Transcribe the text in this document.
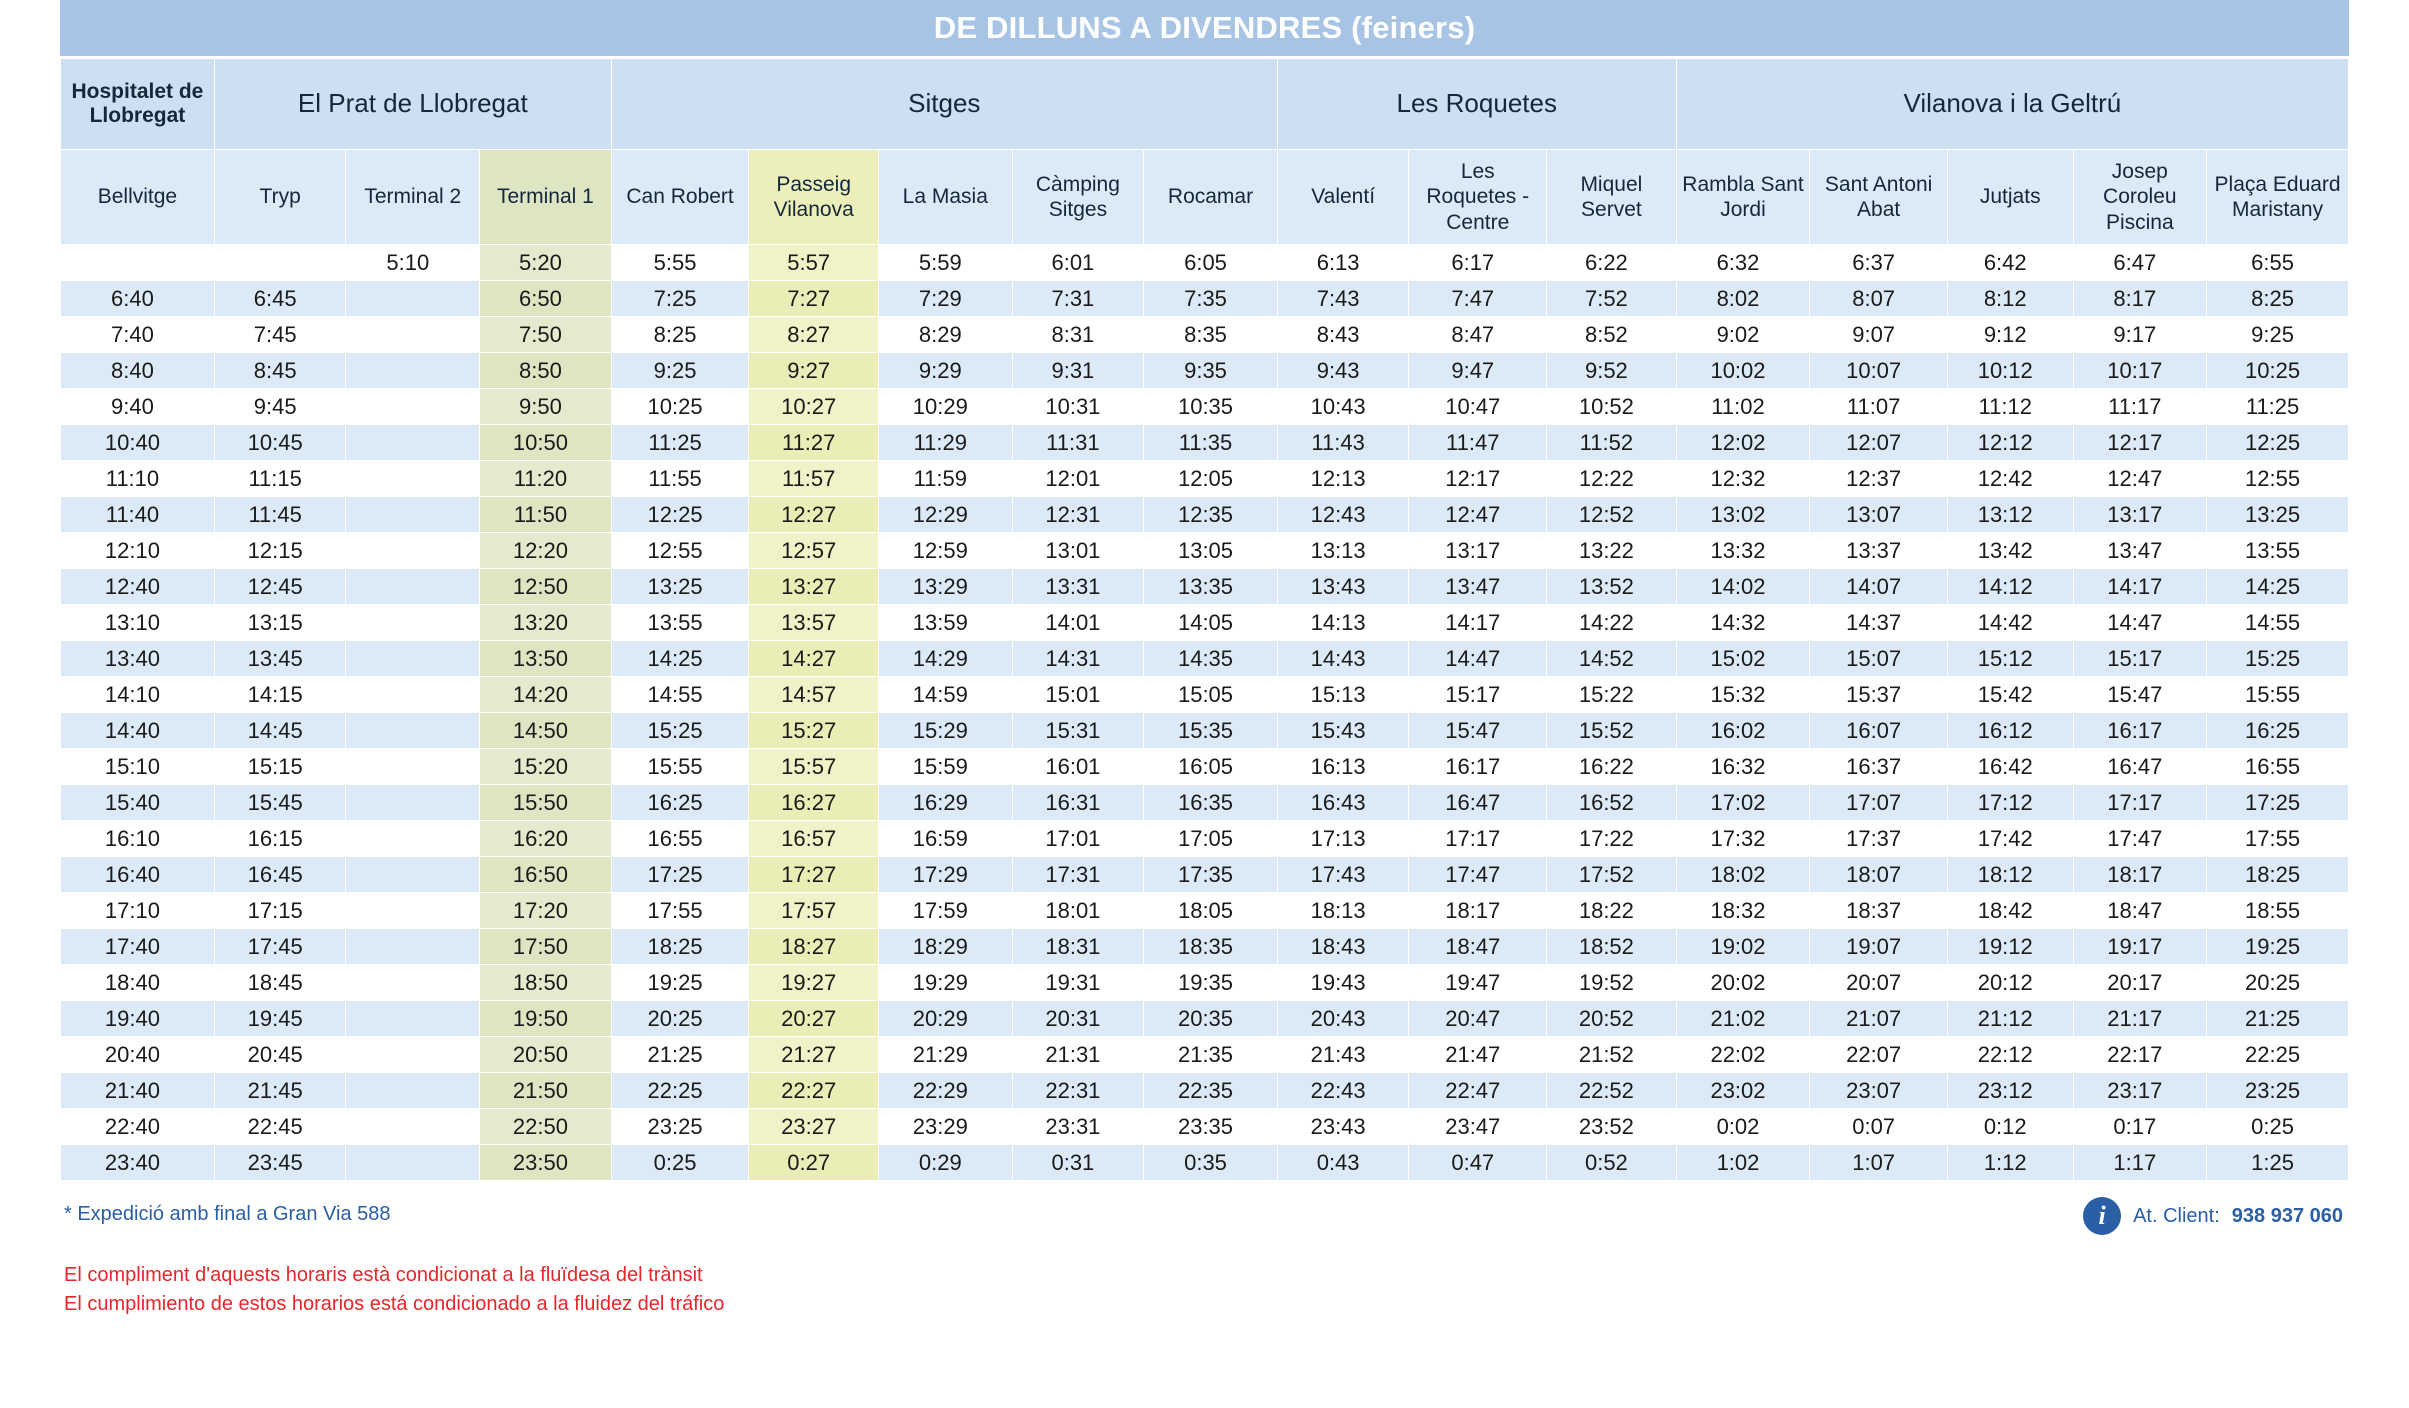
DE DILLUNS A DIVENDRES (feiners)
Hospitalet de Llobregat	El Prat de Llobregat			Sitges					Les Roquetes			Vilanova i la Geltrú				
Bellvitge	Tryp	Terminal 2	Terminal 1	Can Robert	Passeig Vilanova	La Masia	Càmping Sitges	Rocamar	Valentí	Les Roquetes - Centre	Miquel Servet	Rambla Sant Jordi	Sant Antoni Abat	Jutjats	Josep Coroleu Piscina	Plaça Eduard Maristany
		5:10	5:20	5:55	5:57	5:59	6:01	6:05	6:13	6:17	6:22	6:32	6:37	6:42	6:47	6:55
6:40	6:45		6:50	7:25	7:27	7:29	7:31	7:35	7:43	7:47	7:52	8:02	8:07	8:12	8:17	8:25
7:40	7:45		7:50	8:25	8:27	8:29	8:31	8:35	8:43	8:47	8:52	9:02	9:07	9:12	9:17	9:25
8:40	8:45		8:50	9:25	9:27	9:29	9:31	9:35	9:43	9:47	9:52	10:02	10:07	10:12	10:17	10:25
9:40	9:45		9:50	10:25	10:27	10:29	10:31	10:35	10:43	10:47	10:52	11:02	11:07	11:12	11:17	11:25
10:40	10:45		10:50	11:25	11:27	11:29	11:31	11:35	11:43	11:47	11:52	12:02	12:07	12:12	12:17	12:25
11:10	11:15		11:20	11:55	11:57	11:59	12:01	12:05	12:13	12:17	12:22	12:32	12:37	12:42	12:47	12:55
11:40	11:45		11:50	12:25	12:27	12:29	12:31	12:35	12:43	12:47	12:52	13:02	13:07	13:12	13:17	13:25
12:10	12:15		12:20	12:55	12:57	12:59	13:01	13:05	13:13	13:17	13:22	13:32	13:37	13:42	13:47	13:55
12:40	12:45		12:50	13:25	13:27	13:29	13:31	13:35	13:43	13:47	13:52	14:02	14:07	14:12	14:17	14:25
13:10	13:15		13:20	13:55	13:57	13:59	14:01	14:05	14:13	14:17	14:22	14:32	14:37	14:42	14:47	14:55
13:40	13:45		13:50	14:25	14:27	14:29	14:31	14:35	14:43	14:47	14:52	15:02	15:07	15:12	15:17	15:25
14:10	14:15		14:20	14:55	14:57	14:59	15:01	15:05	15:13	15:17	15:22	15:32	15:37	15:42	15:47	15:55
14:40	14:45		14:50	15:25	15:27	15:29	15:31	15:35	15:43	15:47	15:52	16:02	16:07	16:12	16:17	16:25
15:10	15:15		15:20	15:55	15:57	15:59	16:01	16:05	16:13	16:17	16:22	16:32	16:37	16:42	16:47	16:55
15:40	15:45		15:50	16:25	16:27	16:29	16:31	16:35	16:43	16:47	16:52	17:02	17:07	17:12	17:17	17:25
16:10	16:15		16:20	16:55	16:57	16:59	17:01	17:05	17:13	17:17	17:22	17:32	17:37	17:42	17:47	17:55
16:40	16:45		16:50	17:25	17:27	17:29	17:31	17:35	17:43	17:47	17:52	18:02	18:07	18:12	18:17	18:25
17:10	17:15		17:20	17:55	17:57	17:59	18:01	18:05	18:13	18:17	18:22	18:32	18:37	18:42	18:47	18:55
17:40	17:45		17:50	18:25	18:27	18:29	18:31	18:35	18:43	18:47	18:52	19:02	19:07	19:12	19:17	19:25
18:40	18:45		18:50	19:25	19:27	19:29	19:31	19:35	19:43	19:47	19:52	20:02	20:07	20:12	20:17	20:25
19:40	19:45		19:50	20:25	20:27	20:29	20:31	20:35	20:43	20:47	20:52	21:02	21:07	21:12	21:17	21:25
20:40	20:45		20:50	21:25	21:27	21:29	21:31	21:35	21:43	21:47	21:52	22:02	22:07	22:12	22:17	22:25
21:40	21:45		21:50	22:25	22:27	22:29	22:31	22:35	22:43	22:47	22:52	23:02	23:07	23:12	23:17	23:25
22:40	22:45		22:50	23:25	23:27	23:29	23:31	23:35	23:43	23:47	23:52	0:02	0:07	0:12	0:17	0:25
23:40	23:45		23:50	0:25	0:27	0:29	0:31	0:35	0:43	0:47	0:52	1:02	1:07	1:12	1:17	1:25
* Expedició amb final a Gran Via 588	i	At. Client: 938 937 060
El compliment d'aquests horaris està condicionat a la fluïdesa del trànsit
El cumplimiento de estos horarios está condicionado a la fluidez del tráfico
